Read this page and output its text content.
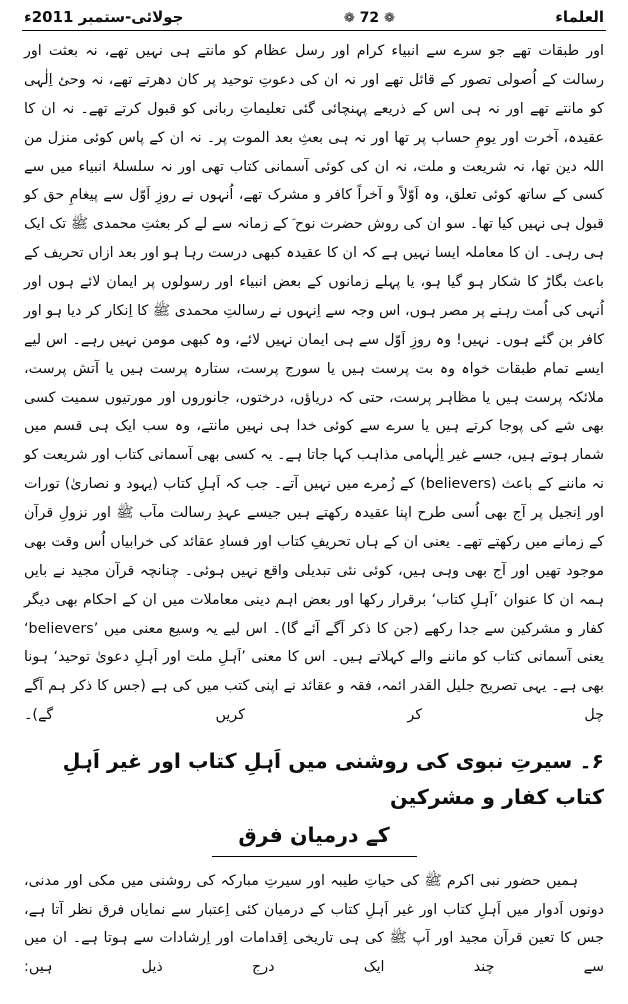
جولائی-ستمبر 2011ء	❁ 72 ❁	العلماء

اور طبقات تھے جو سرے سے انبیاء کرام اور رسل عظام کو مانتے ہی نہیں تھے، نہ بعثت اور رسالت کے اُصولی تصور کے قائل تھے اور نہ ان کی دعوتِ توحید پر کان دھرتے تھے، نہ وحئ اِلٰہی کو مانتے تھے اور نہ ہی اس کے ذریعے پہنچائی گئی تعلیماتِ ربانی کو قبول کرتے تھے۔ نہ ان کا عقیدہ، آخرت اور یومِ حساب پر تھا اور نہ ہی بعثِ بعد الموت پر۔ نہ ان کے پاس کوئی منزل من اللہ دین تھا، نہ شریعت و ملت، نہ ان کی کوئی آسمانی کتاب تھی اور نہ سلسلۂ انبیاء میں سے کسی کے ساتھ کوئی تعلق، وہ اَوّلاً و آخراً کافر و مشرک تھے، اُنہوں نے روزِ اَوّل سے پیغامِ حق کو قبول ہی نہیں کیا تھا۔ سو ان کی روش حضرت نوح ؑ کے زمانہ سے لے کر بعثتِ محمدی ﷺ تک ایک ہی رہی۔ ان کا معاملہ ایسا نہیں ہے کہ ان کا عقیدہ کبھی درست رہا ہو اور بعد ازاں تحریف کے باعث بگاڑ کا شکار ہو گیا ہو، یا پہلے زمانوں کے بعض انبیاء اور رسولوں پر ایمان لائے ہوں اور اُنہی کی اُمت رہنے پر مصر ہوں، اس وجہ سے اِنہوں نے رسالتِ محمدی ﷺ کا اِنکار کر دیا ہو اور کافر بن گئے ہوں۔ نہیں! وہ روزِ اَوّل سے ہی ایمان نہیں لائے، وہ کبھی مومن نہیں رہے۔ اس لیے ایسے تمام طبقات خواہ وہ بت پرست ہیں یا سورج پرست، ستارہ پرست ہیں یا آتش پرست، ملائکہ پرست ہیں یا مظاہر پرست، حتی کہ دریاؤں، درختوں، جانوروں اور مورتیوں سمیت کسی بھی شے کی پوجا کرتے ہیں یا سرے سے کوئی خدا ہی نہیں مانتے، وہ سب ایک ہی قسم میں شمار ہوتے ہیں، جسے غیر اِلٰہامی مذاہب کہا جاتا ہے۔ یہ کسی بھی آسمانی کتاب اور شریعت کو نہ ماننے کے باعث (believers) کے زُمرے میں نہیں آتے۔ جب کہ اَہلِ کتاب (یہود و نصاریٰ) تورات اور اِنجیل پر آج بھی اُسی طرح اپنا عقیدہ رکھتے ہیں جیسے عہدِ رسالت مآب ﷺ اور نزولِ قرآن کے زمانے میں رکھتے تھے۔ یعنی ان کے ہاں تحریفِ کتاب اور فسادِ عقائد کی خرابیاں اُس وقت بھی موجود تھیں اور آج بھی وہی ہیں، کوئی نئی تبدیلی واقع نہیں ہوئی۔ چنانچہ قرآن مجید نے بایں ہمہ ان کا عنوان ’اَہلِ کتاب‘ برقرار رکھا اور بعض اہم دینی معاملات میں ان کے احکام بھی دیگر کفار و مشرکین سے جدا رکھے (جن کا ذکر آگے آئے گا)۔ اس لیے یہ وسیع معنی میں ’believers‘ یعنی آسمانی کتاب کو ماننے والے کہلاتے ہیں۔ اس کا معنی ’اَہلِ ملت اور اَہلِ دعویٰ توحید‘ ہونا بھی ہے۔ یہی تصریح جلیل القدر ائمہ، فقہ و عقائد نے اپنی کتب میں کی ہے (جس کا ذکر ہم آگے چل کر کریں گے)۔

۶۔ سیرتِ نبوی کی روشنی میں اَہلِ کتاب اور غیر اَہلِ کتاب کفار و مشرکین
کے درمیان فرق

ہمیں حضور نبی اکرم ﷺ کی حیاتِ طیبہ اور سیرتِ مبارکہ کی روشنی میں مکی اور مدنی، دونوں اَدوار میں اَہلِ کتاب اور غیر اَہلِ کتاب کے درمیان کئی اِعتبار سے نمایاں فرق نظر آتا ہے، جس کا تعین قرآن مجید اور آپ ﷺ کی ہی تاریخی اِقدامات اور اِرشادات سے ہوتا ہے۔ ان میں سے چند ایک درج ذیل ہیں:
